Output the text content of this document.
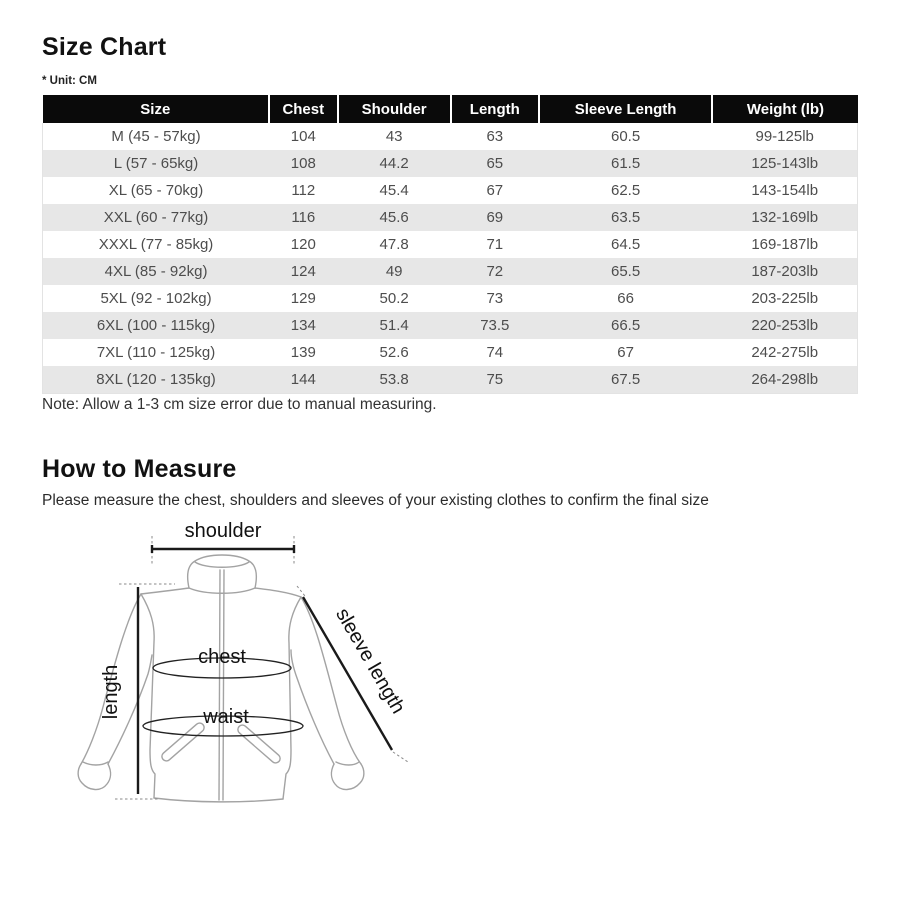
Size Chart
* Unit: CM
Size	Chest	Shoulder	Length	Sleeve Length	Weight (lb)
M (45 - 57kg)	104	43	63	60.5	99-125lb
L (57 - 65kg)	108	44.2	65	61.5	125-143lb
XL (65 - 70kg)	112	45.4	67	62.5	143-154lb
XXL (60 - 77kg)	116	45.6	69	63.5	132-169lb
XXXL (77 - 85kg)	120	47.8	71	64.5	169-187lb
4XL (85 - 92kg)	124	49	72	65.5	187-203lb
5XL (92 - 102kg)	129	50.2	73	66	203-225lb
6XL (100 - 115kg)	134	51.4	73.5	66.5	220-253lb
7XL (110 - 125kg)	139	52.6	74	67	242-275lb
8XL (120 - 135kg)	144	53.8	75	67.5	264-298lb
Note: Allow a 1-3 cm size error due to manual measuring.
How to Measure
Please measure the chest, shoulders and sleeves of your existing clothes to confirm the final size
shoulder
chest
waist
length	sleeve length
